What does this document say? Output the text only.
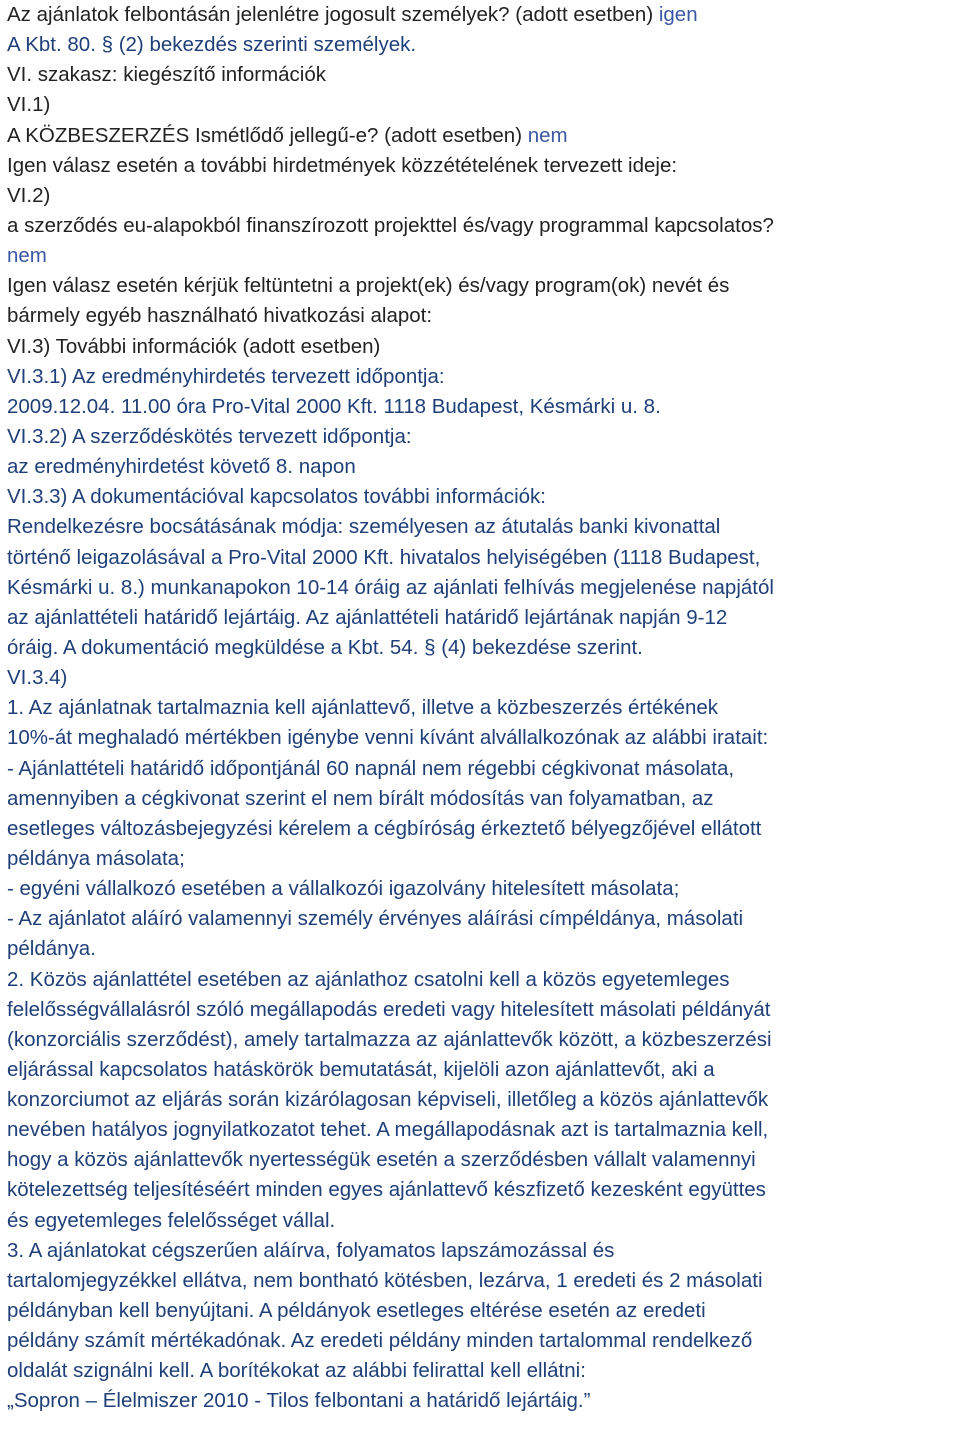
Az ajánlatok felbontásán jelenlétre jogosult személyek? (adott esetben) igen
A Kbt. 80. § (2) bekezdés szerinti személyek.
VI. szakasz: kiegészítő információk
VI.1)
A KÖZBESZERZÉS Ismétlődő jellegű-e? (adott esetben) nem
Igen válasz esetén a további hirdetmények közzétételének tervezett ideje:
VI.2)
a szerződés eu-alapokból finanszírozott projekttel és/vagy programmal kapcsolatos?
nem
Igen válasz esetén kérjük feltüntetni a projekt(ek) és/vagy program(ok) nevét és
bármely egyéb használható hivatkozási alapot:
VI.3) További információk (adott esetben)
VI.3.1) Az eredményhirdetés tervezett időpontja:
2009.12.04. 11.00 óra Pro-Vital 2000 Kft. 1118 Budapest, Késmárki u. 8.
VI.3.2) A szerződéskötés tervezett időpontja:
az eredményhirdetést követő 8. napon
VI.3.3) A dokumentációval kapcsolatos további információk:
Rendelkezésre bocsátásának módja: személyesen az átutalás banki kivonattal
történő leigazolásával a Pro-Vital 2000 Kft. hivatalos helyiségében (1118 Budapest,
Késmárki u. 8.) munkanapokon 10-14 óráig az ajánlati felhívás megjelenése napjától
az ajánlattételi határidő lejártáig. Az ajánlattételi határidő lejártának napján 9-12
óráig. A dokumentáció megküldése a Kbt. 54. § (4) bekezdése szerint.
VI.3.4)
1. Az ajánlatnak tartalmaznia kell ajánlattevő, illetve a közbeszerzés értékének
10%-át meghaladó mértékben igénybe venni kívánt alvállalkozónak az alábbi iratait:
- Ajánlattételi határidő időpontjánál 60 napnál nem régebbi cégkivonat másolata,
amennyiben a cégkivonat szerint el nem bírált módosítás van folyamatban, az
esetleges változásbejegyzési kérelem a cégbíróság érkeztető bélyegzőjével ellátott
példánya másolata;
- egyéni vállalkozó esetében a vállalkozói igazolvány hitelesített másolata;
- Az ajánlatot aláíró valamennyi személy érvényes aláírási címpéldánya, másolati
példánya.
2. Közös ajánlattétel esetében az ajánlathoz csatolni kell a közös egyetemleges
felelősségvállalásról szóló megállapodás eredeti vagy hitelesített másolati példányát
(konzorciális szerződést), amely tartalmazza az ajánlattevők között, a közbeszerzési
eljárással kapcsolatos hatáskörök bemutatását, kijelöli azon ajánlattevőt, aki a
konzorciumot az eljárás során kizárólagosan képviseli, illetőleg a közös ajánlattevők
nevében hatályos jognyilatkozatot tehet. A megállapodásnak azt is tartalmaznia kell,
hogy a közös ajánlattevők nyertességük esetén a szerződésben vállalt valamennyi
kötelezettség teljesítéséért minden egyes ajánlattevő készfizető kezesként együttes
és egyetemleges felelősséget vállal.
3. A ajánlatokat cégszerűen aláírva, folyamatos lapszámozással és
tartalomjegyzékkel ellátva, nem bontható kötésben, lezárva, 1 eredeti és 2 másolati
példányban kell benyújtani. A példányok esetleges eltérése esetén az eredeti
példány számít mértékadónak. Az eredeti példány minden tartalommal rendelkező
oldalát szignálni kell. A borítékokat az alábbi felirattal kell ellátni:
„Sopron – Élelmiszer 2010 - Tilos felbontani a határidő lejártáig.”
